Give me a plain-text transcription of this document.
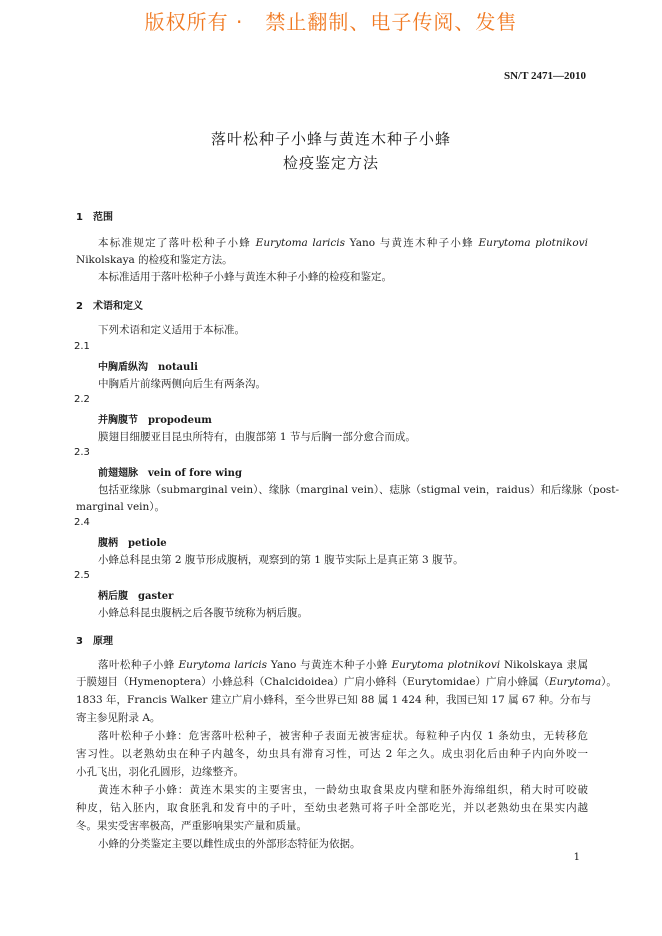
版权所有 ·   禁止翻制、电子传阅、发售
SN/T 2471—2010
落叶松种子小蜂与黄连木种子小蜂
检疫鉴定方法
1　 范围
本标准规定了落叶松种子小蜂 Eurytoma laricis Yano 与黄连木种子小蜂 Eurytoma plotnikovi
Nikolskaya 的检疫和鉴定方法。
本标准适用于落叶松种子小蜂与黄连木种子小蜂的检疫和鉴定。
2　 术语和定义
下列术语和定义适用于本标准。
2.1
中胸盾纵沟 notauli
中胸盾片前缘两侧向后生有两条沟。
2.2
并胸腹节 propodeum
膜翅目细腰亚目昆虫所特有，由腹部第 1 节与后胸一部分愈合而成。
2.3
前翅翅脉 vein of fore wing
包括亚缘脉（submarginal vein）、缘脉（marginal vein）、痣脉（stigmal vein，raidus）和后缘脉（post-
marginal vein）。
2.4
腹柄 petiole
小蜂总科昆虫第 2 腹节形成腹柄，观察到的第 1 腹节实际上是真正第 3 腹节。
2.5
柄后腹 gaster
小蜂总科昆虫腹柄之后各腹节统称为柄后腹。
3　 原理
落叶松种子小蜂 Eurytoma laricis Yano 与黄连木种子小蜂 Eurytoma plotnikovi Nikolskaya 隶属
于膜翅目（Hymenoptera）小蜂总科（Chalcidoidea）广肩小蜂科（Eurytomidae）广肩小蜂属（Eurytoma）。
1833 年，Francis Walker 建立广肩小蜂科，至今世界已知 88 属 1 424 种，我国已知 17 属 67 种。分布与
寄主参见附录 A。
落叶松种子小蜂：危害落叶松种子，被害种子表面无被害症状。每粒种子内仅 1 条幼虫，无转移危
害习性。以老熟幼虫在种子内越冬，幼虫具有滞育习性，可达 2 年之久。成虫羽化后由种子内向外咬一
小孔飞出，羽化孔圆形，边缘整齐。
黄连木种子小蜂：黄连木果实的主要害虫，一龄幼虫取食果皮内壁和胚外海绵组织，稍大时可咬破
种皮，钻入胚内，取食胚乳和发育中的子叶，至幼虫老熟可将子叶全部吃光，并以老熟幼虫在果实内越
冬。果实受害率极高，严重影响果实产量和质量。
小蜂的分类鉴定主要以雌性成虫的外部形态特征为依据。
1
